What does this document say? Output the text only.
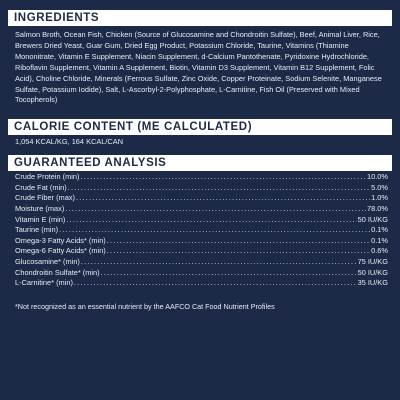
INGREDIENTS
Salmon Broth, Ocean Fish, Chicken (Source of Glucosamine and Chondroitin Sulfate), Beef, Animal Liver, Rice, Brewers Dried Yeast, Guar Gum, Dried Egg Product, Potassium Chloride, Taurine, Vitamins (Thiamine Mononitrate, Vitamin E Supplement, Niacin Supplement, d-Calcium Pantothenate, Pyridoxine Hydrochloride, Riboflavin Supplement, Vitamin A Supplement, Biotin, Vitamin D3 Supplement, Vitamin B12 Supplement, Folic Acid), Choline Chloride, Minerals (Ferrous Sulfate, Zinc Oxide, Copper Proteinate, Sodium Selenite, Manganese Sulfate, Potassium Iodide), Salt, L-Ascorbyl-2-Polyphosphate, L-Carnitine, Fish Oil (Preserved with Mixed Tocopherols)
CALORIE CONTENT (ME CALCULATED)
1,054 KCAL/KG, 164 KCAL/CAN
GUARANTEED ANALYSIS
Crude Protein (min) .....	10.0%
Crude Fat (min) .....	5.0%
Crude Fiber (max) .....	1.0%
Moisture (max) .....	78.0%
Vitamin E (min) .....	50 IU/KG
Taurine (min) .....	0.1%
Omega-3 Fatty Acids* (min) .....	0.1%
Omega-6 Fatty Acids* (min) .....	0.6%
Glucosamine* (min) .....	75 IU/KG
Chondroitin Sulfate* (min) .....	50 IU/KG
L-Carnitine* (min) .....	35 IU/KG
*Not recognized as an essential nutrient by the AAFCO Cat Food Nutrient Profiles
